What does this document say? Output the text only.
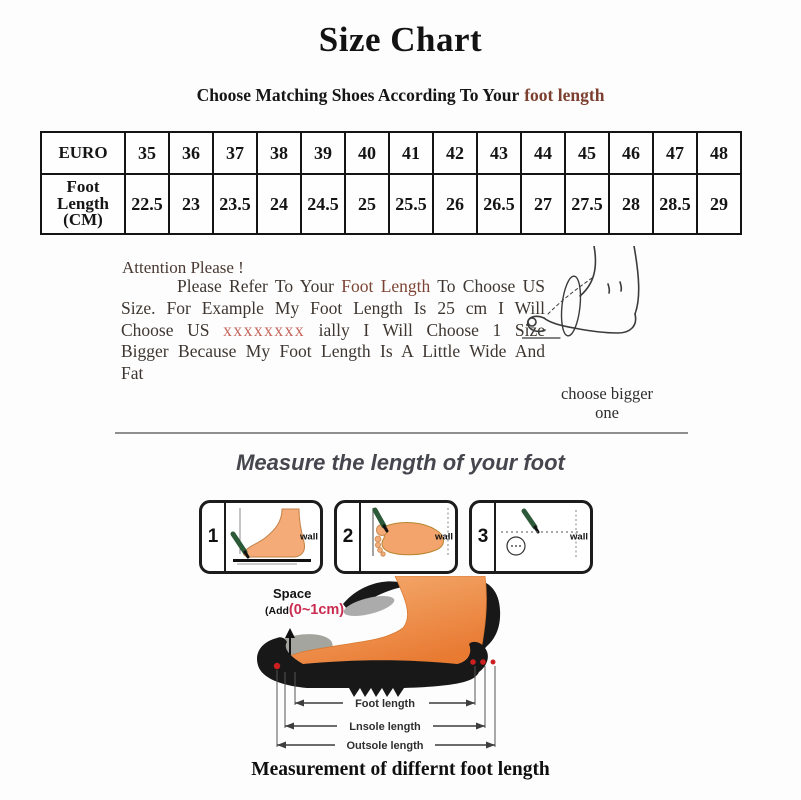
Size Chart
Choose Matching Shoes According To Your foot length
EURO	35	36	37	38	39	40	41	42	43	44	45	46	47	48
Foot Length (CM)	22.5	23	23.5	24	24.5	25	25.5	26	26.5	27	27.5	28	28.5	29
Attention Please !

Please Refer To Your Foot Length To Choose US Size. For Example My Foot Length Is 25 cm I Will Choose US xxxxxxxx ially I Will Choose 1 Size Bigger Because My Foot Length Is A Little Wide And Fat

choose bigger one
Measure the length of your foot
1	wall	2	wall	3	wall
Space
(Add(0~1cm)
Foot length
Lnsole length
Outsole length
Measurement of differnt foot length
